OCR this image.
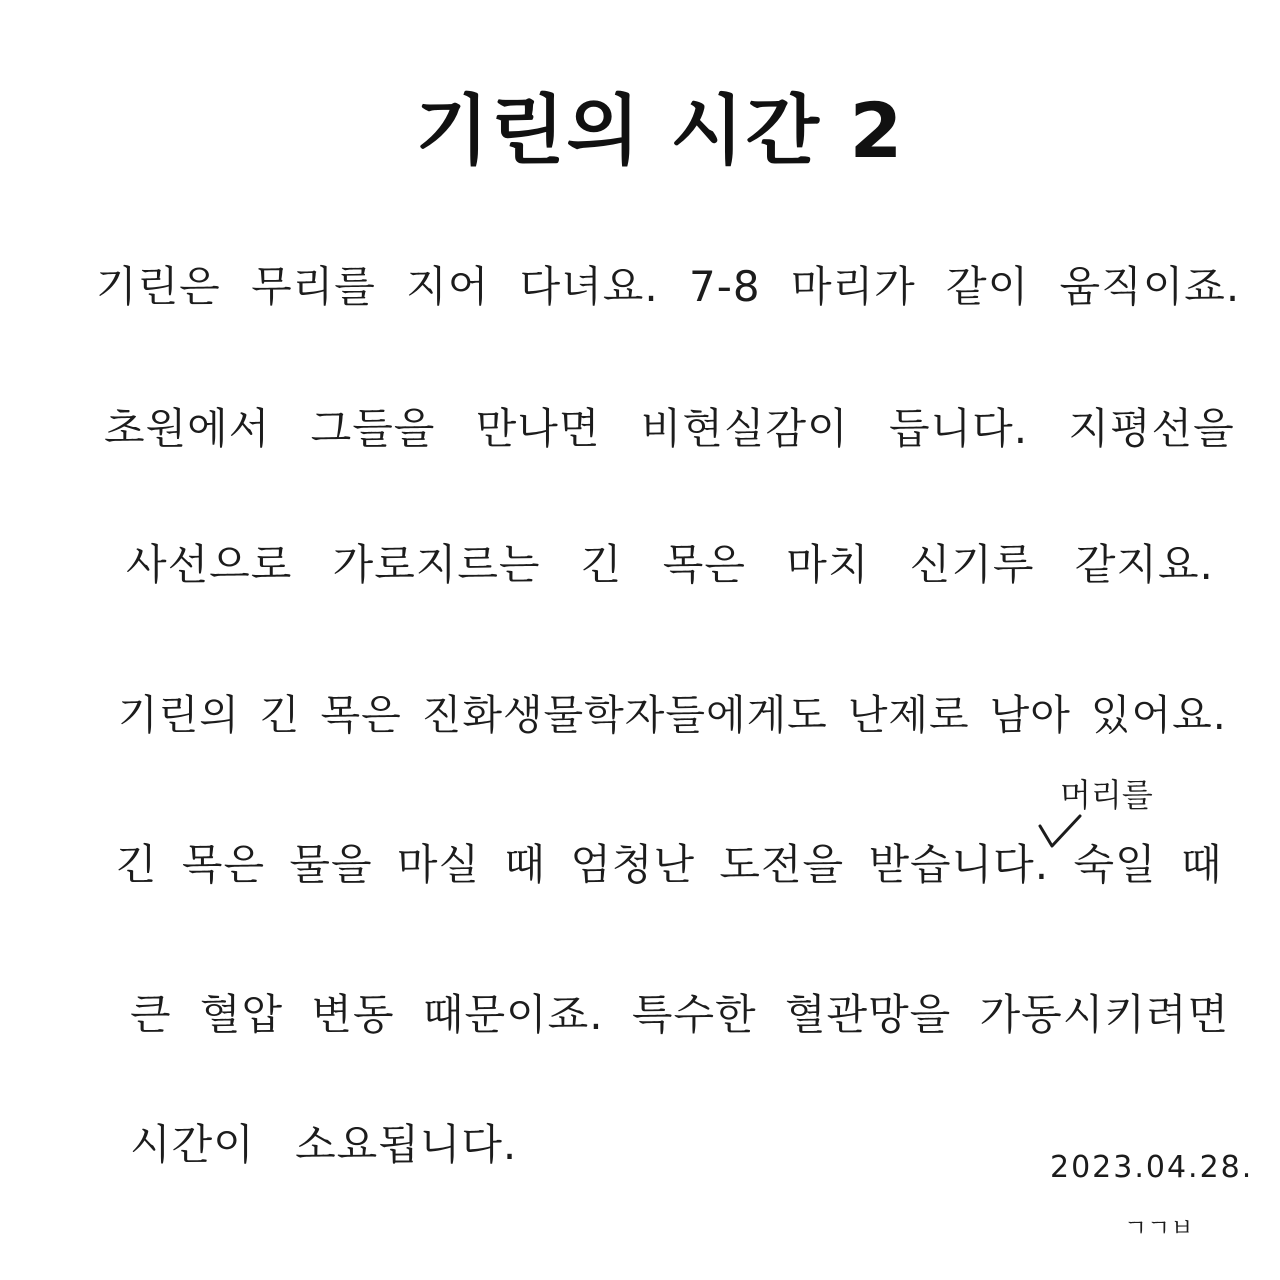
기린의 시간 2
기린은 무리를 지어 다녀요. 7-8 마리가 같이 움직이죠.
초원에서 그들을 만나면 비현실감이 듭니다. 지평선을
사선으로 가로지르는 긴 목은 마치 신기루 같지요.
기린의 긴 목은 진화생물학자들에게도 난제로 남아 있어요.
머리를
긴 목은 물을 마실 때 엄청난 도전을 받습니다. 숙일 때
큰 혈압 변동 때문이죠. 특수한 혈관망을 가동시키려면
시간이 소요됩니다.	2023.04.28.
ㄱㄱㅂ
